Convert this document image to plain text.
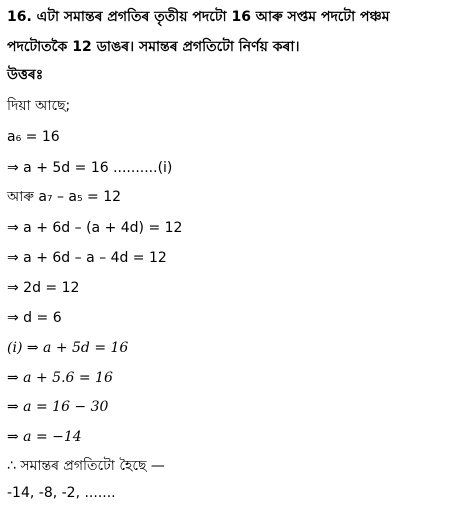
16. এটা সমান্তৰ প্ৰগতিৰ তৃতীয় পদটো 16 আৰু সপ্তম পদটো পঞ্চম
পদটোতকৈ 12 ডাঙৰ। সমান্তৰ প্ৰগতিটো নিৰ্ণয় কৰা।
উত্তৰঃ
দিয়া আছে;
a₆ = 16
⇒ a + 5d = 16 ..........(i)
আৰু a₇ – a₅ = 12
⇒ a + 6d – (a + 4d) = 12
⇒ a + 6d – a – 4d = 12
⇒ 2d = 12
⇒ d = 6
(i) ⇒ a + 5d = 16
⇒ a + 5.6 = 16
⇒ a = 16 − 30
⇒ a = −14
∴ সমান্তৰ প্ৰগতিটো হৈছে —
-14, -8, -2, .......
